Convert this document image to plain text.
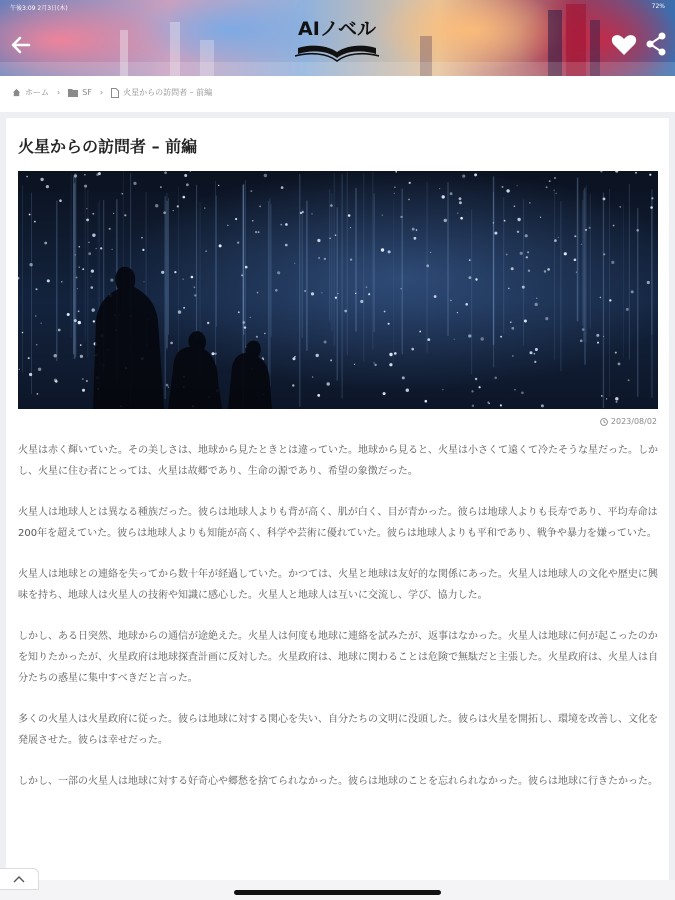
午後3:09 2月3日(木)	72%
AIノベル
ホーム ›	SF ›	火星からの訪問者 – 前編
火星からの訪問者 – 前編
2023/08/02

火星は赤く輝いていた。その美しさは、地球から見たときとは違っていた。地球から見ると、火星は小さくて遠くて冷たそうな星だった。しかし、火星に住む者にとっては、火星は故郷であり、生命の源であり、希望の象徴だった。

火星人は地球人とは異なる種族だった。彼らは地球人よりも背が高く、肌が白く、目が青かった。彼らは地球人よりも長寿であり、平均寿命は200年を超えていた。彼らは地球人よりも知能が高く、科学や芸術に優れていた。彼らは地球人よりも平和であり、戦争や暴力を嫌っていた。

火星人は地球との連絡を失ってから数十年が経過していた。かつては、火星と地球は友好的な関係にあった。火星人は地球人の文化や歴史に興味を持ち、地球人は火星人の技術や知識に感心した。火星人と地球人は互いに交流し、学び、協力した。

しかし、ある日突然、地球からの通信が途絶えた。火星人は何度も地球に連絡を試みたが、返事はなかった。火星人は地球に何が起こったのかを知りたかったが、火星政府は地球探査計画に反対した。火星政府は、地球に関わることは危険で無駄だと主張した。火星政府は、火星人は自分たちの惑星に集中すべきだと言った。

多くの火星人は火星政府に従った。彼らは地球に対する関心を失い、自分たちの文明に没頭した。彼らは火星を開拓し、環境を改善し、文化を発展させた。彼らは幸せだった。

しかし、一部の火星人は地球に対する好奇心や郷愁を捨てられなかった。彼らは地球のことを忘れられなかった。彼らは地球に行きたかった。
